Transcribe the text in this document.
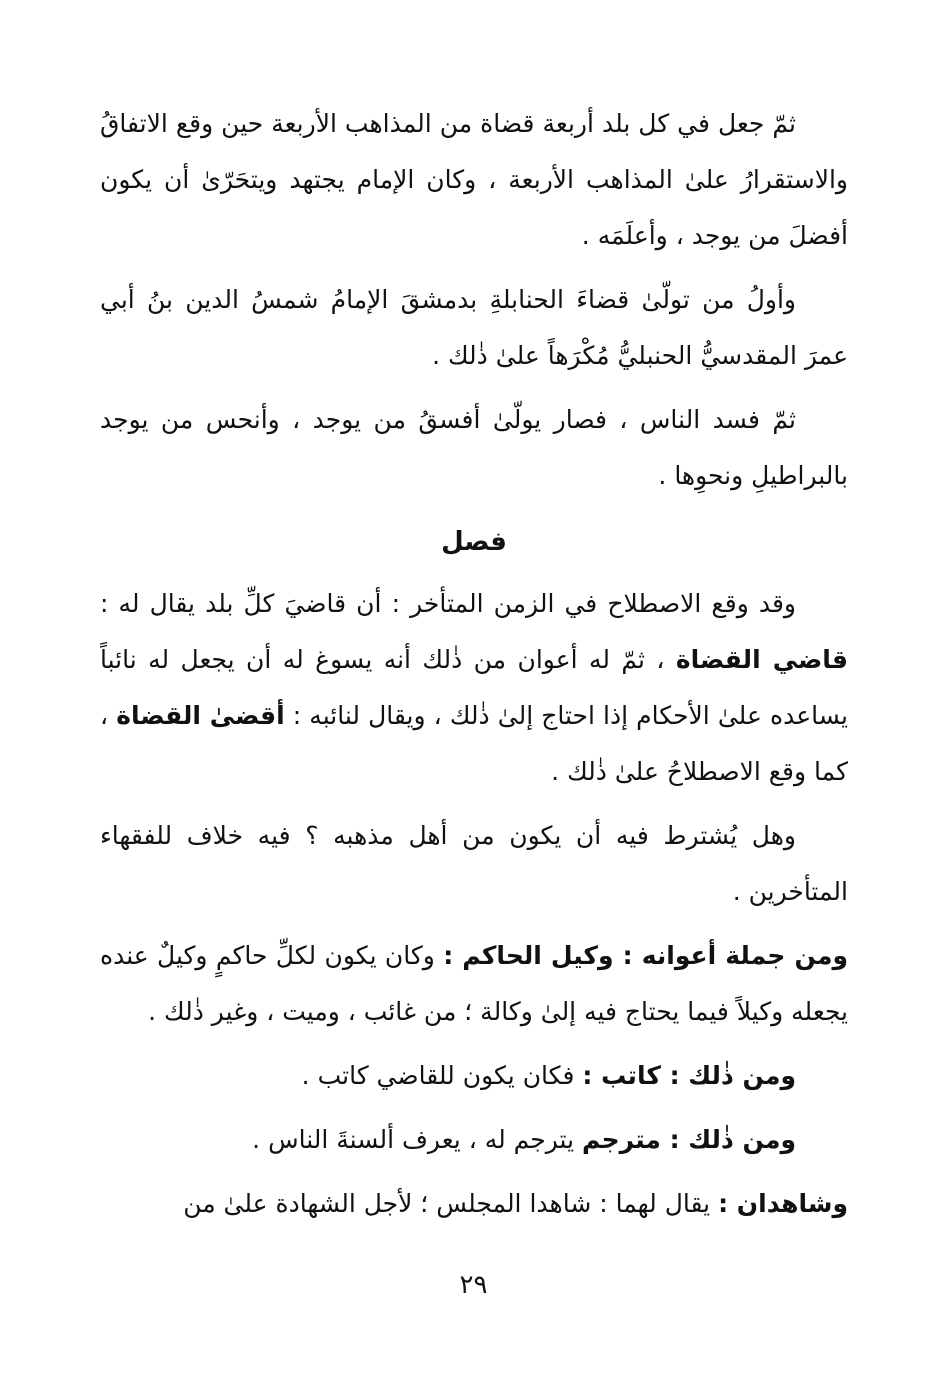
ثمّ جعل في كل بلد أربعة قضاة من المذاهب الأربعة حين وقع الاتفاقُ والاستقرارُ علىٰ المذاهب الأربعة ، وكان الإمام يجتهد ويتحَرّىٰ أن يكون أفضلَ من يوجد ، وأعلَمَه .

وأولُ من تولّىٰ قضاءَ الحنابلةِ بدمشقَ الإمامُ شمسُ الدين بنُ أبي عمرَ المقدسيُّ الحنبليُّ مُكْرَهاً علىٰ ذٰلك .

ثمّ فسد الناس ، فصار يولّىٰ أفسقُ من يوجد ، وأنحس من يوجد بالبراطيلِ ونحوِها .

فصل

وقد وقع الاصطلاح في الزمن المتأخر : أن قاضيَ كلِّ بلد يقال له : قاضي القضاة ، ثمّ له أعوان من ذٰلك أنه يسوغ له أن يجعل له نائباً يساعده علىٰ الأحكام إذا احتاج إلىٰ ذٰلك ، ويقال لنائبه : أقضىٰ القضاة ، كما وقع الاصطلاحُ علىٰ ذٰلك .

وهل يُشترط فيه أن يكون من أهل مذهبه ؟ فيه خلاف للفقهاء المتأخرين .

ومن جملة أعوانه : وكيل الحاكم : وكان يكون لكلِّ حاكمٍ وكيلٌ عنده يجعله وكيلاً فيما يحتاج فيه إلىٰ وكالة ؛ من غائب ، وميت ، وغير ذٰلك .

ومن ذٰلك : كاتب : فكان يكون للقاضي كاتب .

ومن ذٰلك : مترجم يترجم له ، يعرف ألسنةَ الناس .

وشاهدان : يقال لهما : شاهدا المجلس ؛ لأجل الشهادة علىٰ من

٢٩
